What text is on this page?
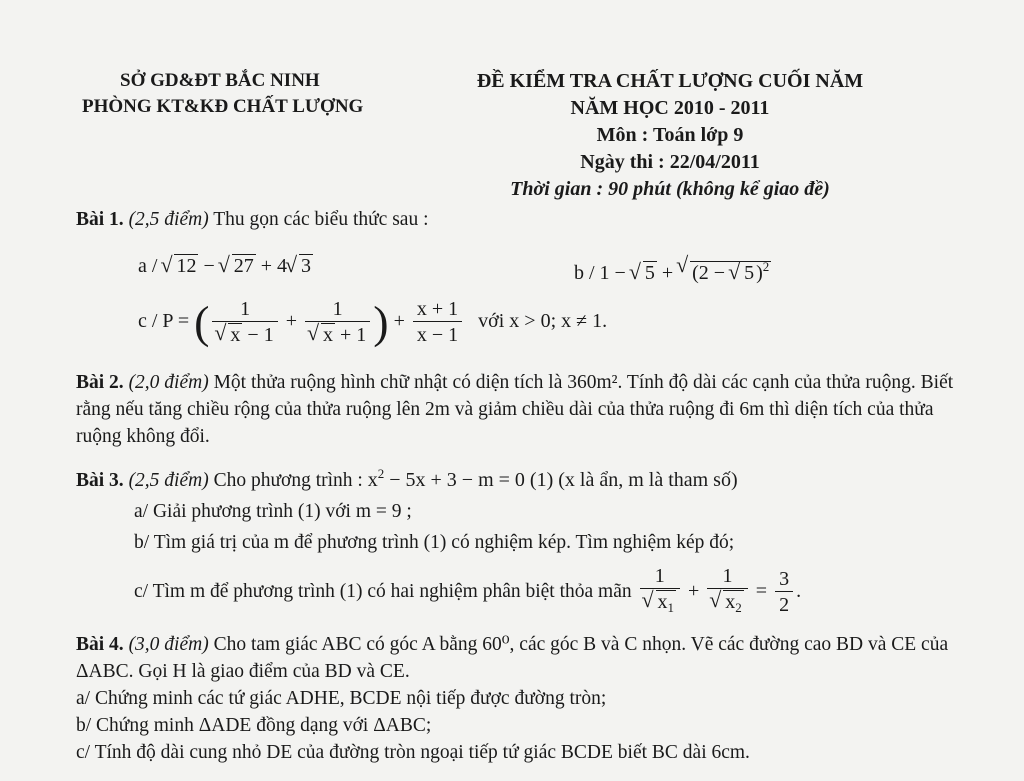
SỞ GD&ĐT BẮC NINH
PHÒNG KT&KĐ CHẤT LƯỢNG
ĐỀ KIỂM TRA CHẤT LƯỢNG CUỐI NĂM
NĂM HỌC 2010 - 2011
Môn : Toán lớp 9
Ngày thi : 22/04/2011
Thời gian : 90 phút (không kể giao đề)

Bài 1. (2,5 điểm) Thu gọn các biểu thức sau :

a / √ 12 − √ 27 + 4√ 3	b / 1 − √ 5 + √ (2 − √ 5 )$^2$
c / P = ( 1
√ x − 1 + 1
√ x + 1 ) + $\frac{x + 1}{x - 1}$ với x > 0; x ≠ 1.

Bài 2. (2,0 điểm) Một thửa ruộng hình chữ nhật có diện tích là 360m². Tính độ dài các cạnh của thửa ruộng. Biết rằng nếu tăng chiều rộng của thửa ruộng lên 2m và giảm chiều dài của thửa ruộng đi 6m thì diện tích của thửa ruộng không đổi.

Bài 3. (2,5 điểm) Cho phương trình : $x^2 - 5x + 3 - m = 0$ (1) (x là ẩn, m là tham số)

a/ Giải phương trình (1) với m = 9 ;

b/ Tìm giá trị của m để phương trình (1) có nghiệm kép. Tìm nghiệm kép đó;

c/ Tìm m để phương trình (1) có hai nghiệm phân biệt thỏa mãn 1
√ $x_1 + 1$
√ $x_2 = \frac{3}{2}$ .

Bài 4. (3,0 điểm) Cho tam giác ABC có góc A bằng 60⁰, các góc B và C nhọn. Vẽ các đường cao BD và CE của ΔABC. Gọi H là giao điểm của BD và CE.

a/ Chứng minh các tứ giác ADHE, BCDE nội tiếp được đường tròn;

b/ Chứng minh ΔADE đồng dạng với ΔABC;

c/ Tính độ dài cung nhỏ DE của đường tròn ngoại tiếp tứ giác BCDE biết BC dài 6cm.
